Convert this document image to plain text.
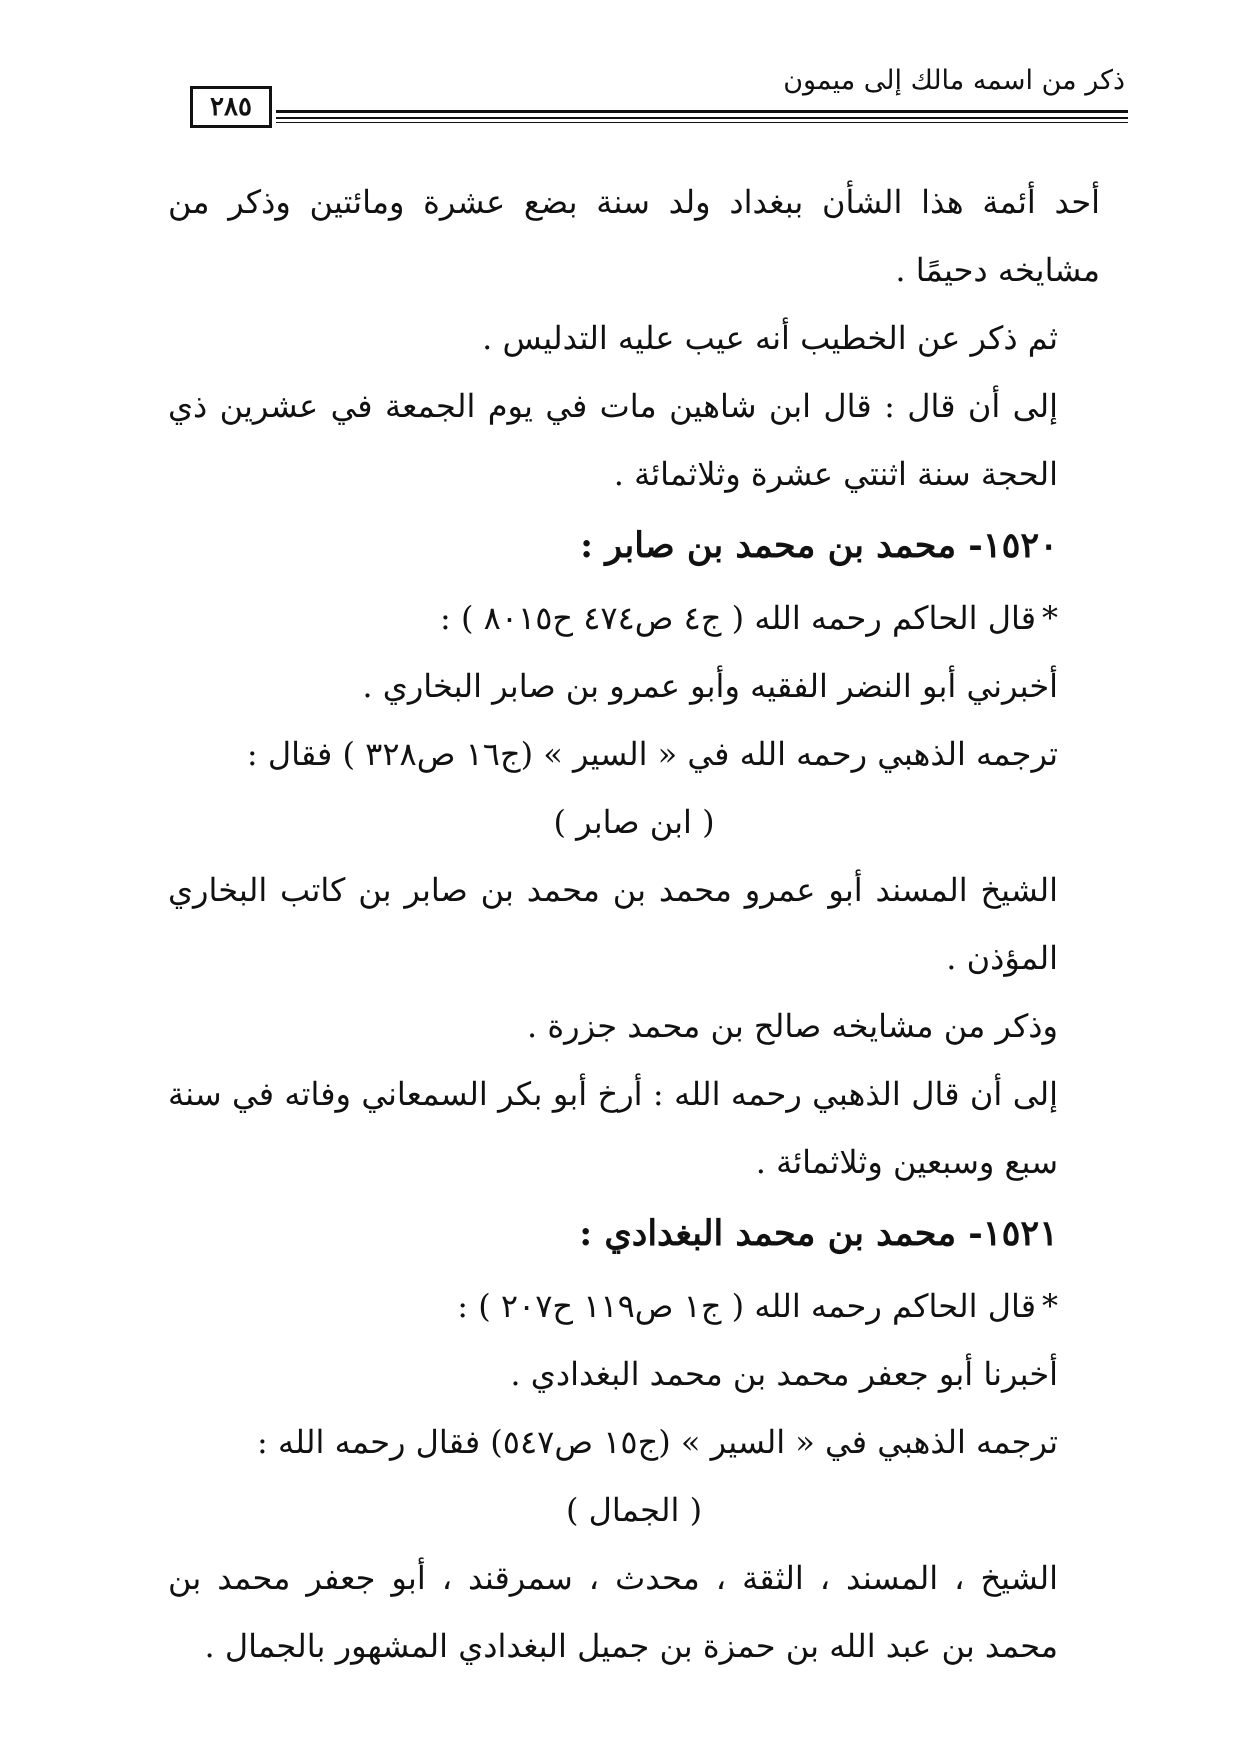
ذكر من اسمه مالك إلى ميمون
٢٨٥

أحد أئمة هذا الشأن ببغداد ولد سنة بضع عشرة ومائتين وذكر من مشايخه دحيمًا .

ثم ذكر عن الخطيب أنه عيب عليه التدليس .

إلى أن قال : قال ابن شاهين مات في يوم الجمعة في عشرين ذي الحجة سنة اثنتي عشرة وثلاثمائة .

١٥٢٠- محمد بن محمد بن صابر :

*قال الحاكم رحمه الله ( ج٤ ص٤٧٤ ح٨٠١٥ ) :

أخبرني أبو النضر الفقيه وأبو عمرو بن صابر البخاري .

ترجمه الذهبي رحمه الله في « السير » (ج١٦ ص٣٢٨ ) فقال :

( ابن صابر )

الشيخ المسند أبو عمرو محمد بن محمد بن صابر بن كاتب البخاري المؤذن .

وذكر من مشايخه صالح بن محمد جزرة .

إلى أن قال الذهبي رحمه الله : أرخ أبو بكر السمعاني وفاته في سنة سبع وسبعين وثلاثمائة .

١٥٢١- محمد بن محمد البغدادي :

*قال الحاكم رحمه الله ( ج١ ص١١٩ ح٢٠٧ ) :

أخبرنا أبو جعفر محمد بن محمد البغدادي .

ترجمه الذهبي في « السير » (ج١٥ ص٥٤٧) فقال رحمه الله :

( الجمال )

الشيخ ، المسند ، الثقة ، محدث ، سمرقند ، أبو جعفر محمد بن محمد بن عبد الله بن حمزة بن جميل البغدادي المشهور بالجمال .
